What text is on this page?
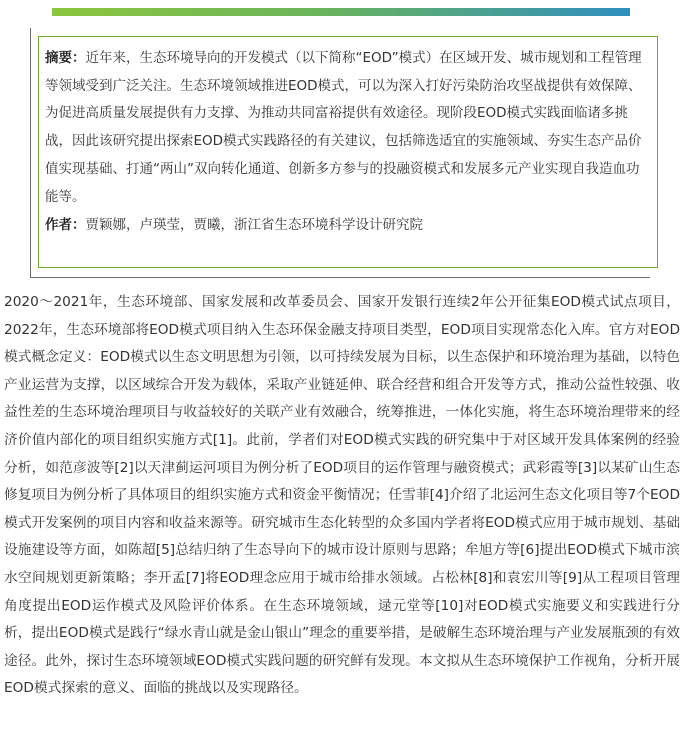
摘要：近年来，生态环境导向的开发模式（以下简称“EOD”模式）在区域开发、城市规划和工程管理等领域受到广泛关注。生态环境领域推进EOD模式，可以为深入打好污染防治攻坚战提供有效保障、为促进高质量发展提供有力支撑、为推动共同富裕提供有效途径。现阶段EOD模式实践面临诸多挑战，因此该研究提出探索EOD模式实践路径的有关建议，包括筛选适宜的实施领域、夯实生态产品价值实现基础、打通“两山”双向转化通道、创新多方参与的投融资模式和发展多元产业实现自我造血功能等。
作者：贾颖娜，卢瑛莹，贾曦，浙江省生态环境科学设计研究院
2020～2021年，生态环境部、国家发展和改革委员会、国家开发银行连续2年公开征集EOD模式试点项目，2022年，生态环境部将EOD模式项目纳入生态环保金融支持项目类型，EOD项目实现常态化入库。官方对EOD模式概念定义：EOD模式以生态文明思想为引领，以可持续发展为目标，以生态保护和环境治理为基础，以特色产业运营为支撑，以区域综合开发为载体，采取产业链延伸、联合经营和组合开发等方式，推动公益性较强、收益性差的生态环境治理项目与收益较好的关联产业有效融合，统筹推进，一体化实施，将生态环境治理带来的经济价值内部化的项目组织实施方式[1]。此前，学者们对EOD模式实践的研究集中于对区域开发具体案例的经验分析，如范彦波等[2]以天津蓟运河项目为例分析了EOD项目的运作管理与融资模式；武彩霞等[3]以某矿山生态修复项目为例分析了具体项目的组织实施方式和资金平衡情况；任雪菲[4]介绍了北运河生态文化项目等7个EOD模式开发案例的项目内容和收益来源等。研究城市生态化转型的众多国内学者将EOD模式应用于城市规划、基础设施建设等方面，如陈超[5]总结归纳了生态导向下的城市设计原则与思路；牟旭方等[6]提出EOD模式下城市滨水空间规划更新策略；李开孟[7]将EOD理念应用于城市给排水领域。占松林[8]和袁宏川等[9]从工程项目管理角度提出EOD运作模式及风险评价体系。在生态环境领域，逯元堂等[10]对EOD模式实施要义和实践进行分析，提出EOD模式是践行“绿水青山就是金山银山”理念的重要举措，是破解生态环境治理与产业发展瓶颈的有效途径。此外，探讨生态环境领域EOD模式实践问题的研究鲜有发现。本文拟从生态环境保护工作视角，分析开展EOD模式探索的意义、面临的挑战以及实现路径。
